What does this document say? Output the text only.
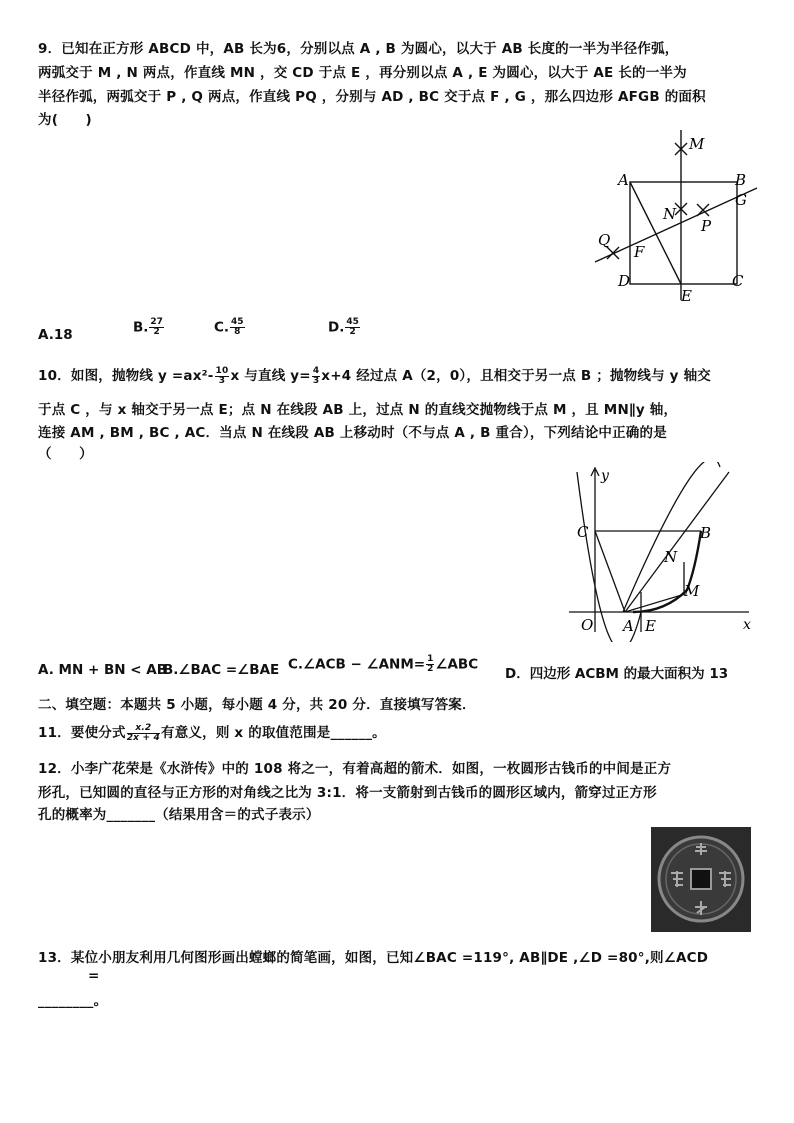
9．已知在正方形 ABCD 中，AB 长为6，分别以点 A , B 为圆心，以大于 AB 长度的一半为半径作弧，
两弧交于 M , N 两点，作直线 MN ，交 CD 于点 E ，再分别以点 A , E 为圆心，以大于 AE 长的一半为
半径作弧，两弧交于 P , Q 两点，作直线 PQ ，分别与 AD , BC 交于点 F , G ，那么四边形 AFGB 的面积
为(　　)
M
A	B
G
N
P
Q
F
D
E
C
A.18	B. $\frac{27}{2}$	C. $\frac{45}{8}$	D. $\frac{45}{2}$
10．如图，抛物线 $y =ax^2- \frac{10}{3}$ x 与直线 $y= \frac{4}{3} x+4$ 经过点 A（2，0），且相交于另一点 B ；抛物线与 y 轴交
于点 C ，与 x 轴交于另一点 E；点 N 在线段 AB 上，过点 N 的直线交抛物线于点 M ，且 MN∥y 轴，
连接 AM , BM , BC , AC．当点 N 在线段 AB 上移动时（不与点 A , B 重合），下列结论中正确的是
（　　）
y
x
C	B
N
M
O A E
A. MN + BN < AB
B.∠BAC =∠BAE C.∠ACB − ∠ANM= $\frac{1}{2}$ ∠ABC
D．四边形 ACBM 的最大面积为 13
二、填空题：本题共 5 小题，每小题 4 分，共 20 分．直接填写答案．
11．要使分式 $\frac{x.2}{2x + 4}$ 有意义，则 x 的取值范围是______。
12．小李广花荣是《水浒传》中的 108 将之一，有着高超的箭术．如图，一枚圆形古钱币的中间是正方
形孔，已知圆的直径与正方形的对角线之比为 3:1．将一支箭射到古钱币的圆形区域内，箭穿过正方形
孔的概率为_______（结果用含＝的式子表示）
13．某位小朋友利用几何图形画出螳螂的简笔画，如图，已知∠BAC =119°, AB∥DE ,∠D =80°,则∠ACD
=
________。
